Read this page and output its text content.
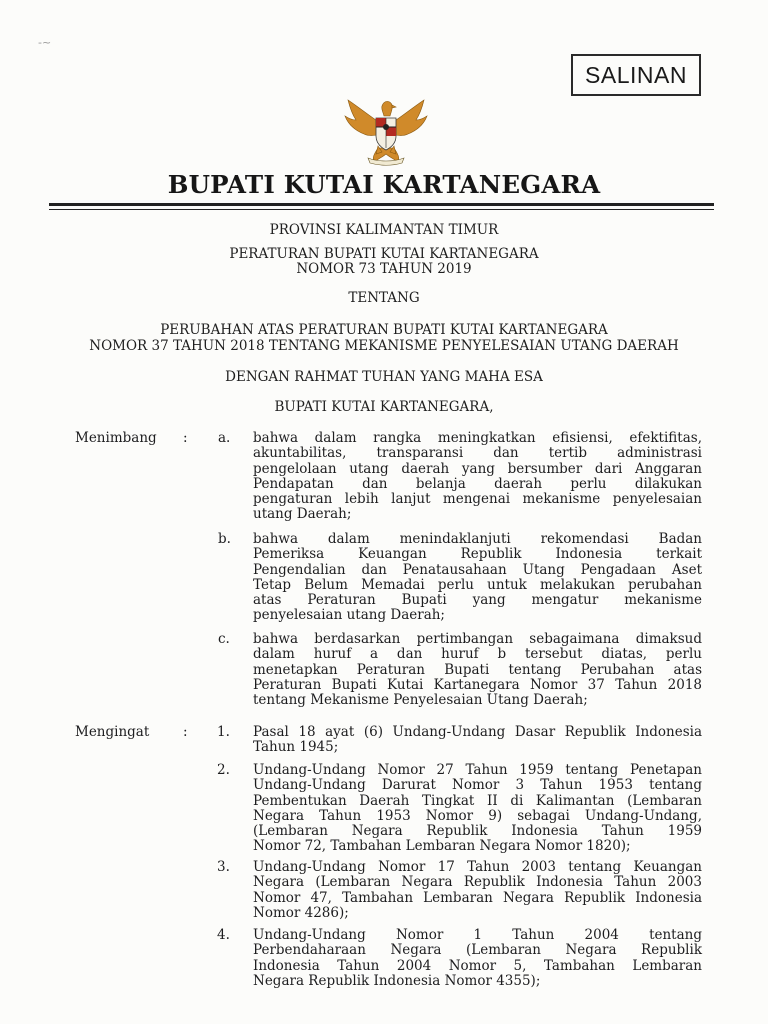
-~
SALINAN
BUPATI KUTAI KARTANEGARA
PROVINSI KALIMANTAN TIMUR
PERATURAN BUPATI KUTAI KARTANEGARA
NOMOR 73 TAHUN 2019
TENTANG
PERUBAHAN ATAS PERATURAN BUPATI KUTAI KARTANEGARA
NOMOR 37 TAHUN 2018 TENTANG MEKANISME PENYELESAIAN UTANG DAERAH
DENGAN RAHMAT TUHAN YANG MAHA ESA
BUPATI KUTAI KARTANEGARA,
Menimbang : a. bahwa dalam rangka meningkatkan efisiensi, efektifitas,
akuntabilitas, transparansi dan tertib administrasi
pengelolaan utang daerah yang bersumber dari Anggaran
Pendapatan dan belanja daerah perlu dilakukan
pengaturan lebih lanjut mengenai mekanisme penyelesaian
utang Daerah;
b. bahwa dalam menindaklanjuti rekomendasi Badan
Pemeriksa Keuangan Republik Indonesia terkait
Pengendalian dan Penatausahaan Utang Pengadaan Aset
Tetap Belum Memadai perlu untuk melakukan perubahan
atas Peraturan Bupati yang mengatur mekanisme
penyelesaian utang Daerah;
c. bahwa berdasarkan pertimbangan sebagaimana dimaksud
dalam huruf a dan huruf b tersebut diatas, perlu
menetapkan Peraturan Bupati tentang Perubahan atas
Peraturan Bupati Kutai Kartanegara Nomor 37 Tahun 2018
tentang Mekanisme Penyelesaian Utang Daerah;
Mengingat : 1. Pasal 18 ayat (6) Undang-Undang Dasar Republik Indonesia
Tahun 1945;
2. Undang-Undang Nomor 27 Tahun 1959 tentang Penetapan
Undang-Undang Darurat Nomor 3 Tahun 1953 tentang
Pembentukan Daerah Tingkat II di Kalimantan (Lembaran
Negara Tahun 1953 Nomor 9) sebagai Undang-Undang,
(Lembaran Negara Republik Indonesia Tahun 1959
Nomor 72, Tambahan Lembaran Negara Nomor 1820);
3. Undang-Undang Nomor 17 Tahun 2003 tentang Keuangan
Negara (Lembaran Negara Republik Indonesia Tahun 2003
Nomor 47, Tambahan Lembaran Negara Republik Indonesia
Nomor 4286);
4. Undang-Undang Nomor 1 Tahun 2004 tentang
Perbendaharaan Negara (Lembaran Negara Republik
Indonesia Tahun 2004 Nomor 5, Tambahan Lembaran
Negara Republik Indonesia Nomor 4355);
